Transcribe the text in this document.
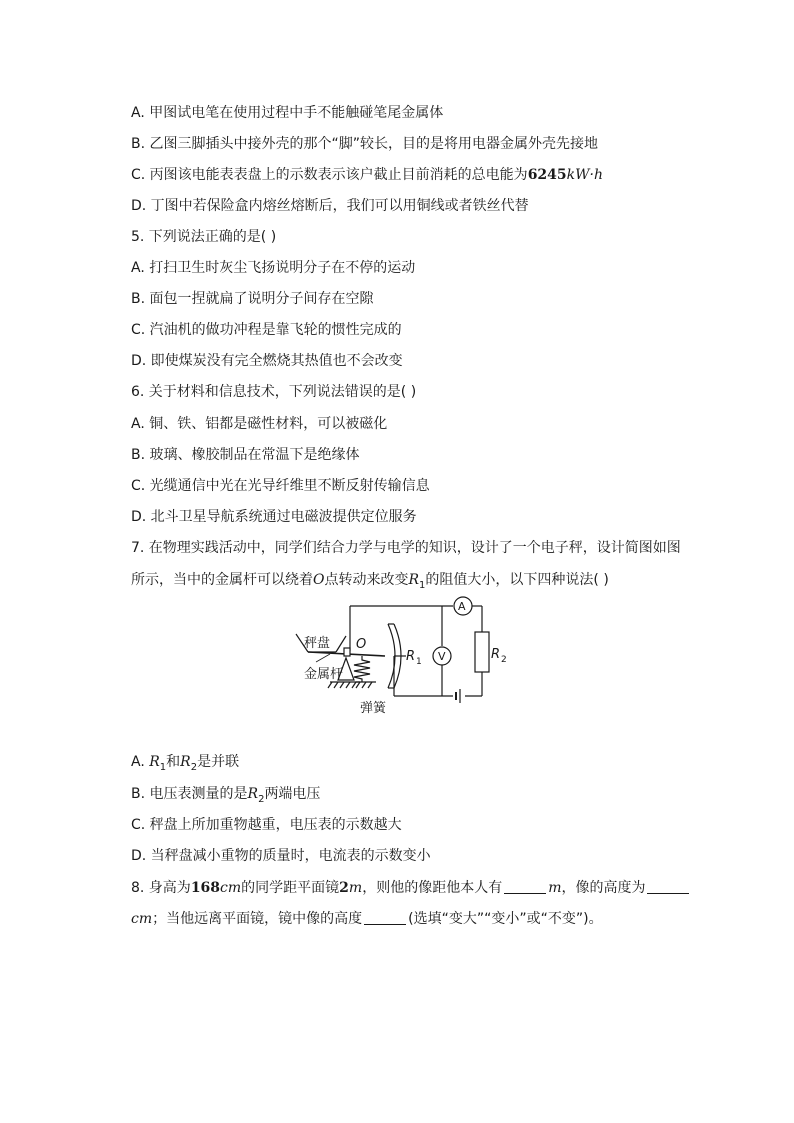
A. 甲图试电笔在使用过程中手不能触碰笔尾金属体
B. 乙图三脚插头中接外壳的那个“脚”较长，目的是将用电器金属外壳先接地
C. 丙图该电能表表盘上的示数表示该户截止目前消耗的总电能为6245kW·h
D. 丁图中若保险盒内熔丝熔断后，我们可以用铜线或者铁丝代替
5. 下列说法正确的是( )
A. 打扫卫生时灰尘飞扬说明分子在不停的运动
B. 面包一捏就扁了说明分子间存在空隙
C. 汽油机的做功冲程是靠飞轮的惯性完成的
D. 即使煤炭没有完全燃烧其热值也不会改变
6. 关于材料和信息技术，下列说法错误的是( )
A. 铜、铁、铝都是磁性材料，可以被磁化
B. 玻璃、橡胶制品在常温下是绝缘体
C. 光缆通信中光在光导纤维里不断反射传输信息
D. 北斗卫星导航系统通过电磁波提供定位服务
7. 在物理实践活动中，同学们结合力学与电学的知识，设计了一个电子秤，设计简图如图
所示，当中的金属杆可以绕着O点转动来改变$R_1$的阻值大小，以下四种说法( )
秤盘
金属杆
弹簧
O
R 1	R 2
A
V
A. $R_1$和$R_2$是并联
B. 电压表测量的是$R_2$两端电压
C. 秤盘上所加重物越重，电压表的示数越大
D. 当秤盘减小重物的质量时，电流表的示数变小
8. 身高为168cm的同学距平面镜2m，则他的像距他本人有	m，像的高度为
cm；当他远离平面镜，镜中像的高度	(选填“变大”“变小”或“不变”)。
